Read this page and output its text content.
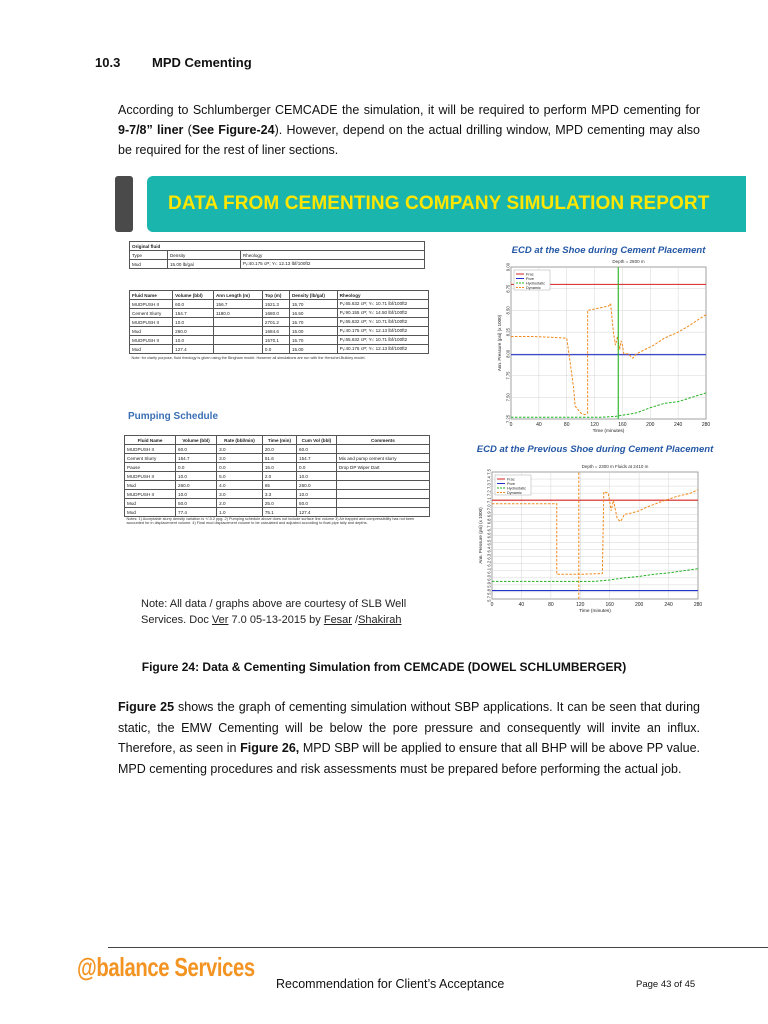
10.3 MPD Cementing
According to Schlumberger CEMCADE the simulation, it will be required to perform MPD cementing for 9-7/8” liner (See Figure-24). However, depend on the actual drilling window, MPD cementing may also be required for the rest of liner sections.
DATA FROM CEMENTING COMPANY SIMULATION REPORT
Original fluid		
Type	Density	Rheology
Mud	15.00 lb/gal	Pᵥ:40.175 cP; Yₜ: 12.13 lbf/100ft2
Fluid Name	Volume (bbl)	Ann Length (m)	Top (m)	Density (lb/gal)	Rheology
MUDPUSH II	60.0	156.7	1521.3	15.70	Pᵥ:65.632 cP; Yₜ: 10.71 lbf/100ft2
Cement Slurry	154.7	1180.0	1680.0	16.50	Pᵥ:90.155 cP; Yₜ: 14.50 lbf/100ft2
MUDPUSH II	10.0		2701.2	15.70	Pᵥ:65.632 cP; Yₜ: 10.71 lbf/100ft2
Mud	260.0		1684.6	15.00	Pᵥ:40.175 cP; Yₜ: 12.13 lbf/100ft2
MUDPUSH II	10.0		1570.1	15.70	Pᵥ:65.632 cP; Yₜ: 10.71 lbf/100ft2
Mud	127.4		0.0	15.00	Pᵥ:40.175 cP; Yₜ: 12.13 lbf/100ft2
Note: for clarity purpose, fluid rheology is given using the Bingham model. However all simulations are run with the Herschel-Bulkley model.					
Pumping Schedule
Fluid Name	Volume (bbl)	Rate (bbl/min)	Time (min)	Cum Vol (bbl)	Comments
MUDPUSH II	60.0	3.0	20.0	60.0	
Cement Slurry	154.7	3.0	51.6	154.7	Mix and pump cement slurry
Pause	0.0	0.0	15.0	0.0	Drop DP Wiper Dart
MUDPUSH II	10.0	5.0	2.0	10.0	
Mud	260.0	4.0	65	260.0	
MUDPUSH II	10.0	3.0	3.3	10.0	
Mud	50.0	2.0	25.0	50.0	
Mud	77.4	1.0	75.1	127.4	
Notes: 1) Acceptable slurry density variation is +/-0.2 ppg. 2) Pumping schedule above does not include surface line volume 3) Air trapped and compressibility has not been accounted for in displacement volume. 4) Final mud displacement volume to be calculated and adjusted according to float pipe tally and depths.					
Note: All data / graphs above are courtesy of SLB Well
Services. Doc Ver 7.0 05-13-2015 by Fesar /Shakirah
ECD at the Shoe during Cement Placement
Depth = 2800 m
0	40	80	120	160	200	240	280
7.25
7.50
7.75
8.00
8.25
8.50
8.75
9.00
Time (minutes)
Ann. Pressure (psi) (x 1000)
Frac
Pore
Hydrostatic
Dynamic
ECD at the Previous Shoe during Cement Placement
Depth = 2300 m Fluids at 2410 m
0	40	80	120	160	200	240	280
5.7
5.8
5.9
6.0
6.1
6.2
6.3
6.4
6.5
6.6
6.7
6.8
6.9
7.0
7.1
7.2
7.3
7.4
7.5
Time (minutes)
Ann. Pressure (psi) (x 1000)
Frac
Pore
Hydrostatic
Dynamic
Figure 24: Data & Cementing Simulation from CEMCADE (DOWEL SCHLUMBERGER)
Figure 25 shows the graph of cementing simulation without SBP applications. It can be seen that during static, the EMW Cementing will be below the pore pressure and consequently will invite an influx. Therefore, as seen in Figure 26, MPD SBP will be applied to ensure that all BHP will be above PP value. MPD cementing procedures and risk assessments must be prepared before performing the actual job.
@balance Services
Recommendation for Client’s Acceptance	Page 43 of 45
